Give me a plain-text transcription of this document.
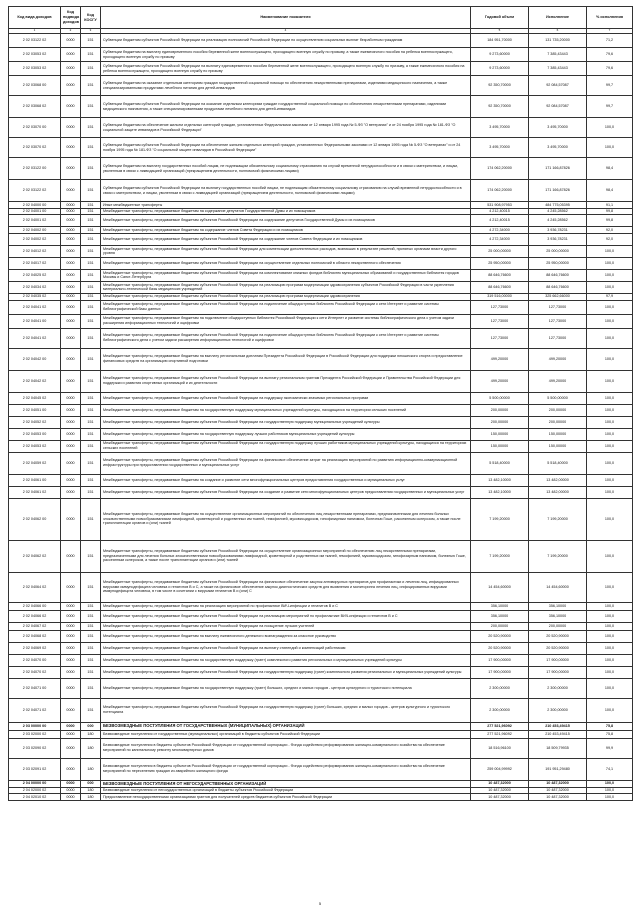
Код вида доходов	Код подвида доходов	Код КОСГУ	Наименование показателя	Годовой объем	Исполнение	% исполнения
1	2	3	4	5	6	7
2 02 03122 02	0000	151	Субвенции бюджетам субъектов Российской Федерации на реализацию полномочий Российской Федерации по осуществлению социальных выплат безработным гражданам	184 951,70000	131 735,20000	71,2
2 02 03053 02	0000	151	Субвенции бюджетам на выплату единовременного пособия беременной жене военнослужащего, проходящего военную службу по призыву, а также ежемесячного пособия на ребенка военнослужащего, проходящего военную службу по призыву	9 273,60000	7 385,43443	79,6
2 02 03053 02	0000	151	Субвенции бюджетам субъектов Российской Федерации на выплату единовременного пособия беременной жене военнослужащего, проходящего военную службу по призыву, а также ежемесячного пособия на ребенка военнослужащего, проходящего военную службу по призыву	9 273,60000	7 385,43443	79,6
2 02 03068 00	0000	151	Субвенции бюджетам на оказание отдельным категориям граждан государственной социальной помощи по обеспечению лекарственными препаратами, изделиями медицинского назначения, а также специализированными продуктами лечебного питания для детей-инвалидов	92 350,70000	92 084,57087	99,7
2 02 03068 02	0000	151	Субвенции бюджетам субъектов Российской Федерации на оказание отдельным категориям граждан государственной социальной помощи по обеспечению лекарственными препаратами, изделиями медицинского назначения, а также специализированными продуктами лечебного питания для детей-инвалидов	92 350,70000	92 084,57087	99,7
2 02 03070 00	0000	151	Субвенции бюджетам на обеспечение жильем отдельных категорий граждан, установленных Федеральными законами от 12 января 1995 года № 5-ФЗ "О ветеранах" и от 24 ноября 1995 года № 181-ФЗ "О социальной защите инвалидов в Российской Федерации"	3 495,70000	3 495,70000	100,0
2 02 03070 02	0000	151	Субвенции бюджетам субъектов Российской Федерации на обеспечение жильем отдельных категорий граждан, установленных Федеральными законами от 12 января 1995 года № 5-ФЗ "О ветеранах" и от 24 ноября 1995 года № 181-ФЗ "О социальной защите инвалидов в Российской Федерации"	3 495,70000	3 495,70000	100,0
2 02 03122 00	0000	151	Субвенции бюджетам на выплату государственных пособий лицам, не подлежащим обязательному социальному страхованию на случай временной нетрудоспособности и в связи с материнством, и лицам, уволенным в связи с ликвидацией организаций (прекращением деятельности, полномочий физическими лицами)	174 062,20000	171 166,87826	98,4
2 02 03122 02	0000	151	Субвенции бюджетам субъектов Российской Федерации на выплату государственных пособий лицам, не подлежащим обязательному социальному страхованию на случай временной нетрудоспособности и в связи с материнством, и лицам, уволенным в связи с ликвидацией организаций (прекращением деятельности, полномочий физическими лицами)	174 062,20000	171 166,87826	98,4
2 02 04000 00	0000	151	Иные межбюджетные трансферты	531 908,97953	484 775,05395	91,1
2 02 04001 00	0000	151	Межбюджетные трансферты, передаваемые бюджетам на содержание депутатов Государственной Думы и их помощников	4 212,40015	4 245,28562	99,8
2 02 04001 02	0000	151	Межбюджетные трансферты, передаваемые бюджетам субъектов Российской Федерации на содержание депутатов Государственной Думы и их помощников	4 212,40015	4 245,28562	99,8
2 02 04002 00	0000	151	Межбюджетные трансферты, передаваемые бюджетам на содержание членов Совета Федерации и их помощников	4 272,34000	3 936,78231	92,0
2 02 04002 02	0000	151	Межбюджетные трансферты, передаваемые бюджетам субъектов Российской Федерации на содержание членов Совета Федерации и их помощников	4 272,34000	3 936,78231	92,0
2 02 04012 02	0000	151	Межбюджетные трансферты, передаваемые бюджетам субъектов Российской Федерации для компенсации дополнительных расходов, возникших в результате решений, принятых органами власти другого уровня	25 000,00000	25 000,00000	100,0
2 02 04017 02	0000	151	Межбюджетные трансферты, передаваемые бюджетам субъектов Российской Федерации на осуществление отдельных полномочий в области лекарственного обеспечения	25 950,00000	25 950,00000	100,0
2 02 04025 02	0000	151	Межбюджетные трансферты, передаваемые бюджетам субъектов Российской Федерации на комплектование книжных фондов библиотек муниципальных образований и государственных библиотек городов Москвы и Санкт-Петербурга	88 646,76600	88 646,76600	100,0
2 02 04034 02	0000	151	Межбюджетные трансферты, передаваемые бюджетам субъектов Российской Федерации на реализацию программ модернизации здравоохранения субъектов Российской Федерации в части укрепления материально-технической базы медицинских учреждений	88 646,76600	88 646,76600	100,0
2 02 04035 02	0000	151	Межбюджетные трансферты, передаваемые бюджетам субъектов Российской Федерации на реализацию программ модернизации здравоохранения	319 516,00000	325 662,66000	97,9
2 02 04041 02	0000	151	Межбюджетные трансферты, передаваемые бюджетам субъектов Российской Федерации на подключение общедоступных библиотек Российской Федерации к сети Интернет и развитие системы библиографической базы данных	127,73000	127,73000	100,0
2 02 04041 00	0000	151	Межбюджетные трансферты, передаваемые бюджетам на подключение общедоступных библиотек Российской Федерации к сети Интернет и развитие системы библиографического дела с учетом задачи расширения информационных технологий и оцифровки	127,73000	127,73000	100,0
2 02 04041 02	0000	151	Межбюджетные трансферты, передаваемые бюджетам субъектов Российской Федерации на подключение общедоступных библиотек Российской Федерации к сети Интернет и развитие системы библиографического дела с учетом задачи расширения информационных технологий и оцифровки	127,73000	127,73000	100,0
2 02 04042 00	0000	151	Межбюджетные трансферты, передаваемые бюджетам на выплату региональным доплатам Президента Российской Федерации в Российской Федерации для поддержки юношеского спорта и предоставление финансовых средств на организацию спортивной подготовки	499,20000	499,20000	100,0
2 02 04042 02	0000	151	Межбюджетные трансферты, передаваемые бюджетам субъектов Российской Федерации на выплату региональным грантам Президента Российской Федерации и Правительства Российской Федерации для поддержки и развития спортивных организаций и их деятельности	499,20000	499,20000	100,0
2 02 04045 02	0000	151	Межбюджетные трансферты, передаваемые бюджетам субъектов Российской Федерации на поддержку экономически значимых региональных программ	5 500,00000	5 500,00000	100,0
2 02 04051 00	0000	151	Межбюджетные трансферты, передаваемые бюджетам на государственную поддержку муниципальных учреждений культуры, находящихся на территории сельских поселений	200,00000	200,00000	100,0
2 02 04052 02	0000	151	Межбюджетные трансферты, передаваемые бюджетам субъектов Российской Федерации на государственную поддержку муниципальных учреждений культуры	200,00000	200,00000	100,0
2 02 04053 00	0000	151	Межбюджетные трансферты, передаваемые бюджетам на государственную поддержку лучших работников муниципальных учреждений культуры	150,00000	150,00000	100,0
2 02 04053 02	0000	151	Межбюджетные трансферты, передаваемые бюджетам субъектов Российской Федерации на государственную поддержку лучших работников муниципальных учреждений культуры, находящихся на территориях сельских поселений	150,00000	150,00000	100,0
2 02 04059 02	0000	151	Межбюджетные трансферты, передаваемые бюджетам субъектов Российской Федерации на финансовое обеспечение затрат на реализацию мероприятий по развитию информационно-коммуникационной инфраструктуры при предоставлении государственных и муниципальных услуг	5 518,40000	5 518,40000	100,0
2 02 04061 00	0000	151	Межбюджетные трансферты, передаваемые бюджетам на создание и развитие сети многофункциональных центров предоставления государственных и муниципальных услуг	13 482,10000	13 482,00000	100,0
2 02 04061 02	0000	151	Межбюджетные трансферты, передаваемые бюджетам субъектов Российской Федерации на создание и развитие сети многофункциональных центров предоставления государственных и муниципальных услуг	13 482,10000	13 482,00000	100,0
2 02 04062 00	0000	151	Межбюджетные трансферты, передаваемые бюджетам на осуществление организационных мероприятий по обеспечению лиц лекарственными препаратами, предназначенными для лечения больных злокачественными новообразованиями лимфоидной, кроветворной и родственных им тканей, гемофилией, муковисцидозом, гипофизарным нанизмом, болезнью Гоше, рассеянным склерозом, а также после трансплантации органов и (или) тканей	7 199,20000	7 199,20000	100,0
2 02 04062 02	0000	151	Межбюджетные трансферты, передаваемые бюджетам субъектов Российской Федерации на осуществление организационных мероприятий по обеспечению лиц лекарственными препаратами, предназначенными для лечения больных злокачественными новообразованиями лимфоидной, кроветворной и родственных им тканей, гемофилией, муковисцидозом, гипофизарным нанизмом, болезнью Гоше, рассеянным склерозом, а также после трансплантации органов и (или) тканей	7 199,20000	7 199,20000	100,0
2 02 04064 02	0000	151	Межбюджетные трансферты, передаваемые бюджетам субъектов Российской Федерации на финансовое обеспечение закупок антивирусных препаратов для профилактики и лечения лиц, инфицированных вирусами иммунодефицита человека и гепатитов B и C, а также на финансовое обеспечение закупок диагностических средств для выявления и мониторинга лечения лиц, инфицированных вирусами иммунодефицита человека, в том числе в сочетании с вирусами гепатитов B и (или) C	14 454,60000	14 454,60000	100,0
2 02 04066 00	0000	151	Межбюджетные трансферты, передаваемые бюджетам на реализацию мероприятий по профилактике ВИЧ-инфекции и гепатитов B и C	356,10000	356,10000	100,0
2 02 04066 02	0000	151	Межбюджетные трансферты, передаваемые бюджетам субъектов Российской Федерации на реализацию мероприятий по профилактике ВИЧ-инфекции и гепатитов B и C	356,10000	356,10000	100,0
2 02 04067 02	0000	151	Межбюджетные трансферты, передаваемые бюджетам субъектов Российской Федерации на поощрение лучших учителей	200,00000	200,00000	100,0
2 02 04068 02	0000	151	Межбюджетные трансферты, передаваемые бюджетам на выплату ежемесячного денежного вознаграждения за классное руководство	20 520,90000	20 520,90000	100,0
2 02 04069 02	0000	151	Межбюджетные трансферты, передаваемые бюджетам субъектов Российской Федерации на выплату стипендий и компенсаций работникам	20 520,90000	20 520,90000	100,0
2 02 04070 00	0000	151	Межбюджетные трансферты, передаваемые бюджетам на государственную поддержку (грант) комплексного развития региональных и муниципальных учреждений культуры	17 900,00000	17 900,00000	100,0
2 02 04070 02	0000	151	Межбюджетные трансферты, передаваемые бюджетам субъектов Российской Федерации на государственную поддержку (грант) комплексного развития региональных и муниципальных учреждений культуры	17 900,00000	17 900,00000	100,0
2 02 04071 00	0000	151	Межбюджетные трансферты, передаваемые бюджетам на государственную поддержку (грант) больших, средних и малых городов - центров культурного и туристского потенциала	2 300,00000	2 300,00000	100,0
2 02 04071 02	0000	151	Межбюджетные трансферты, передаваемые бюджетам субъектов Российской Федерации на государственную поддержку (грант) больших, средних и малых городов - центров культурного и туристского потенциала	2 300,00000	2 300,00000	100,0
2 03 00000 00	0000	000	БЕЗВОЗМЕЗДНЫЕ ПОСТУПЛЕНИЯ ОТ ГОСУДАРСТВЕННЫХ (МУНИЦИПАЛЬНЫХ) ОРГАНИЗАЦИЙ	277 521,96092	210 453,49415	75,8
2 03 02000 02	0000	180	Безвозмездные поступления от государственных (муниципальных) организаций в бюджеты субъектов Российской Федерации	277 521,96092	210 453,49415	75,8
2 03 02090 02	0000	180	Безвозмездные поступления в бюджеты субъектов Российской Федерации от государственной корпорации - Фонда содействия реформированию жилищно-коммунального хозяйства на обеспечение мероприятий по капитальному ремонту многоквартирных домов	18 516,96100	18 509,79935	99,9
2 03 02091 02	0000	180	Безвозмездные поступления в бюджеты субъектов Российской Федерации от государственной корпорации - Фонда содействия реформированию жилищно-коммунального хозяйства на обеспечение мероприятий по переселению граждан из аварийного жилищного фонда	259 004,99992	191 951,29480	74,1
2 04 00000 00	0000	000	БЕЗВОЗМЕЗДНЫЕ ПОСТУПЛЕНИЯ ОТ НЕГОСУДАРСТВЕННЫХ ОРГАНИЗАЦИЙ	10 487,32000	10 487,32000	100,0
2 04 02000 02	0000	180	Безвозмездные поступления от негосударственных организаций в бюджеты субъектов Российской Федерации	10 487,32000	10 487,32000	100,0
2 04 02010 02	0000	180	Предоставление негосударственными организациями грантов для получателей средств бюджетов субъектов Российской Федерации	10 487,32000	10 487,32000	100,0
5
